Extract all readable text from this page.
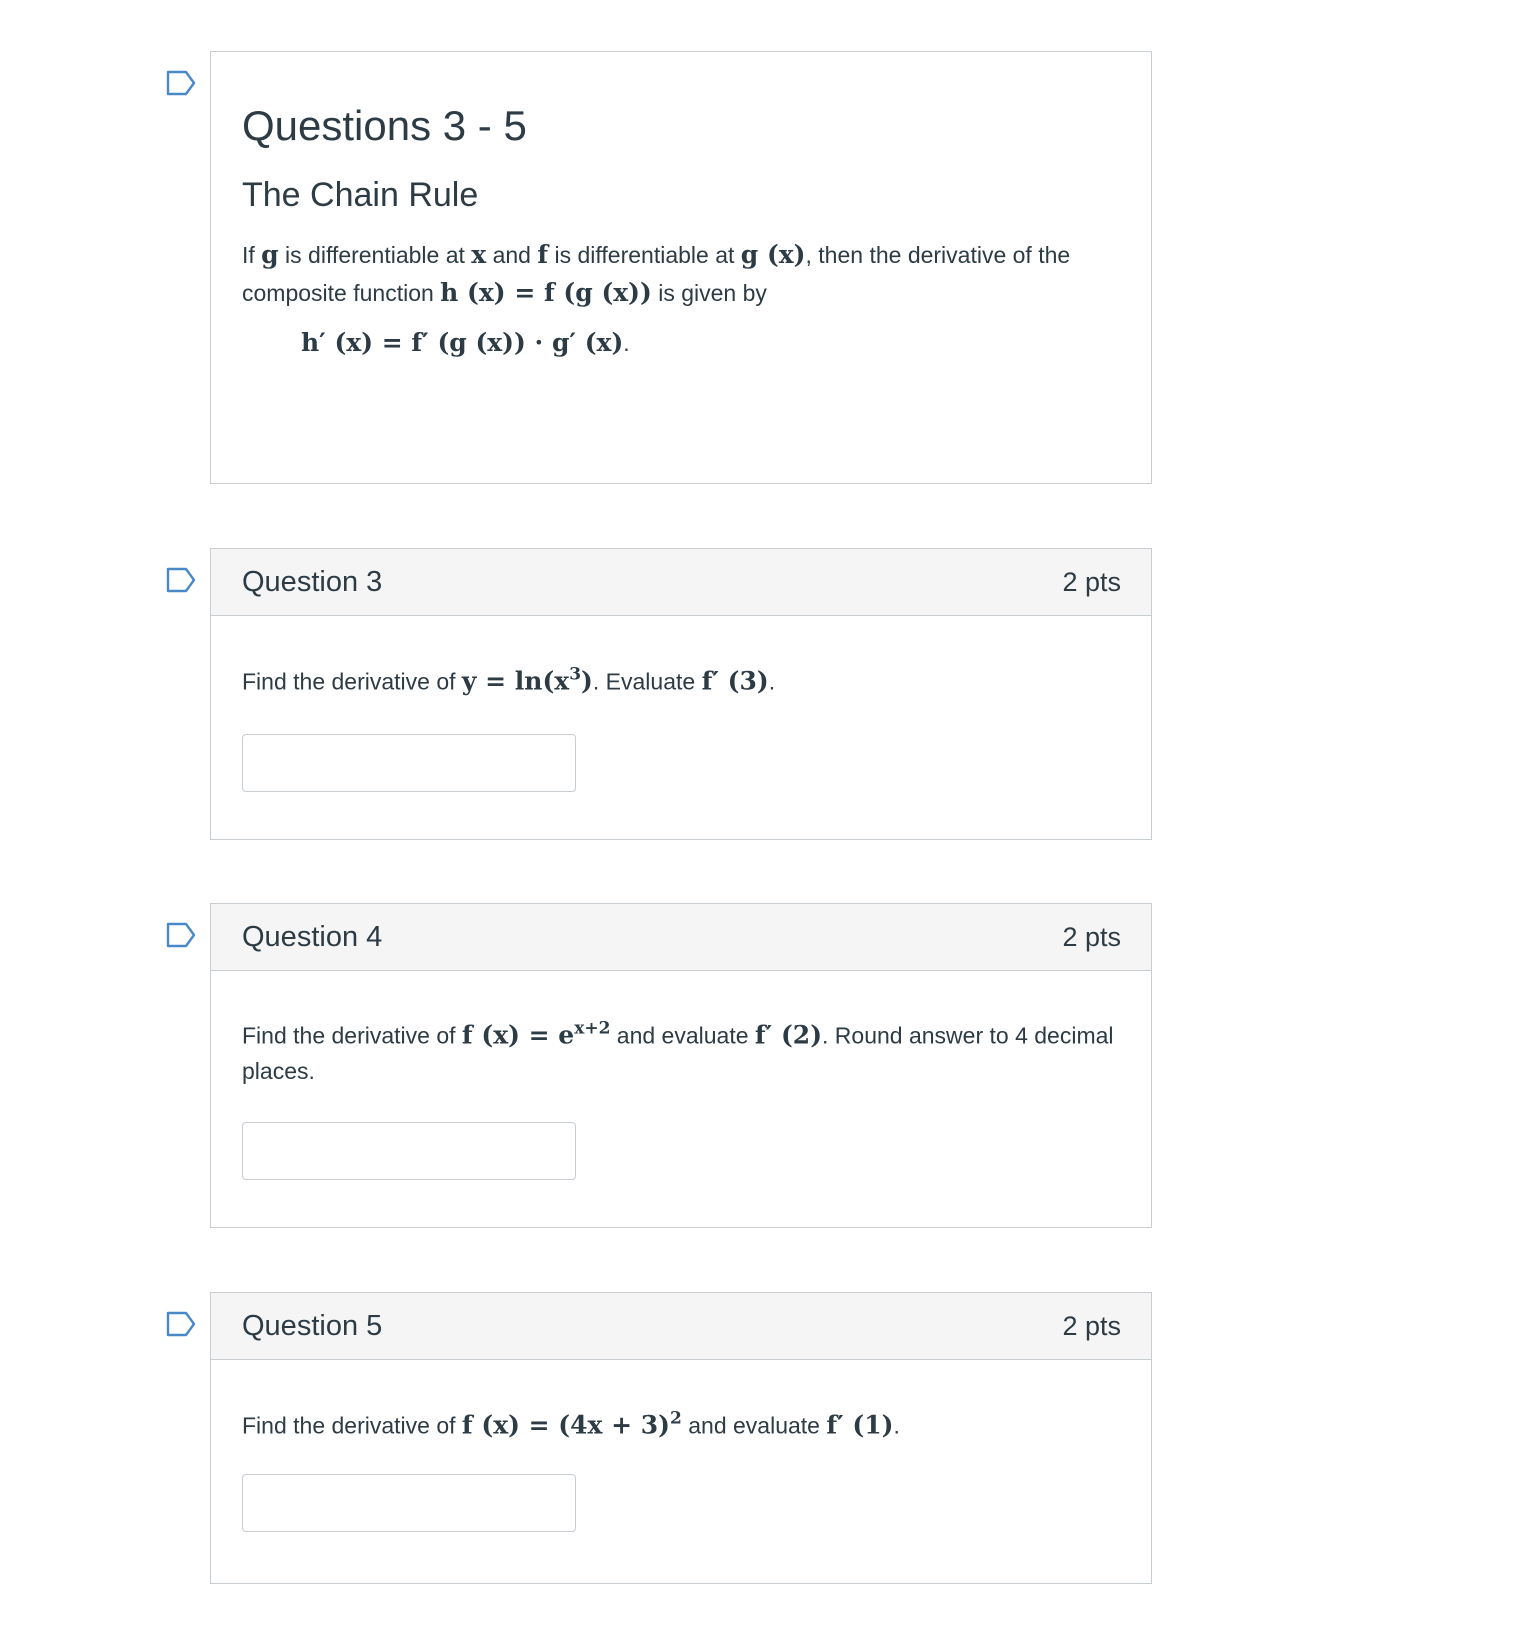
Questions 3 - 5
The Chain Rule
If g is differentiable at x and f is differentiable at g (x), then the derivative of the composite function h (x) = f (g (x)) is given by
h′ (x) = f′ (g (x)) · g′ (x).
Question 3	2 pts
Find the derivative of $y = \ln(x^3)$. Evaluate f′ (3).
Question 4	2 pts
Find the derivative of f $(x) = e^{x+2}$ and evaluate f′ (2). Round answer to 4 decimal places.
Question 5	2 pts
Find the derivative of f $(x) = (4x + 3)^2$ and evaluate f′ (1).
